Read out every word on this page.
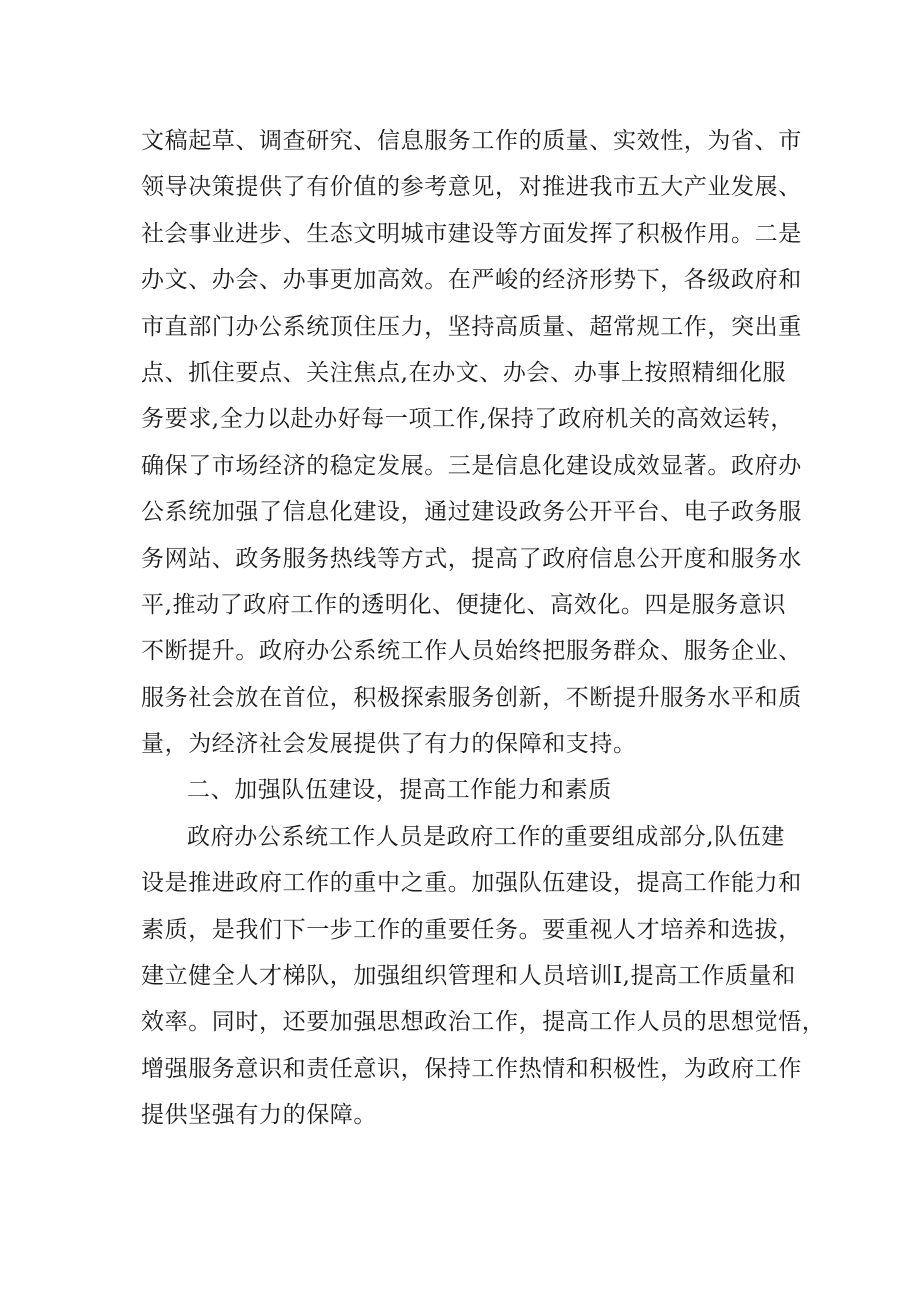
文稿起草、调查研究、信息服务工作的质量、实效性，为省、市
领导决策提供了有价值的参考意见，对推进我市五大产业发展、
社会事业进步、生态文明城市建设等方面发挥了积极作用。二是
办文、办会、办事更加高效。在严峻的经济形势下，各级政府和
市直部门办公系统顶住压力，坚持高质量、超常规工作，突出重
点、抓住要点、关注焦点,在办文、办会、办事上按照精细化服
务要求,全力以赴办好每一项工作,保持了政府机关的高效运转，
确保了市场经济的稳定发展。三是信息化建设成效显著。政府办
公系统加强了信息化建设，通过建设政务公开平台、电子政务服
务网站、政务服务热线等方式，提高了政府信息公开度和服务水
平,推动了政府工作的透明化、便捷化、高效化。四是服务意识
不断提升。政府办公系统工作人员始终把服务群众、服务企业、
服务社会放在首位，积极探索服务创新，不断提升服务水平和质
量，为经济社会发展提供了有力的保障和支持。

二、加强队伍建设，提高工作能力和素质

政府办公系统工作人员是政府工作的重要组成部分,队伍建
设是推进政府工作的重中之重。加强队伍建设，提高工作能力和
素质，是我们下一步工作的重要任务。要重视人才培养和选拔，
建立健全人才梯队，加强组织管理和人员培训Ⅰ,提高工作质量和
效率。同时，还要加强思想政治工作，提高工作人员的思想觉悟，
增强服务意识和责任意识，保持工作热情和积极性，为政府工作
提供坚强有力的保障。
